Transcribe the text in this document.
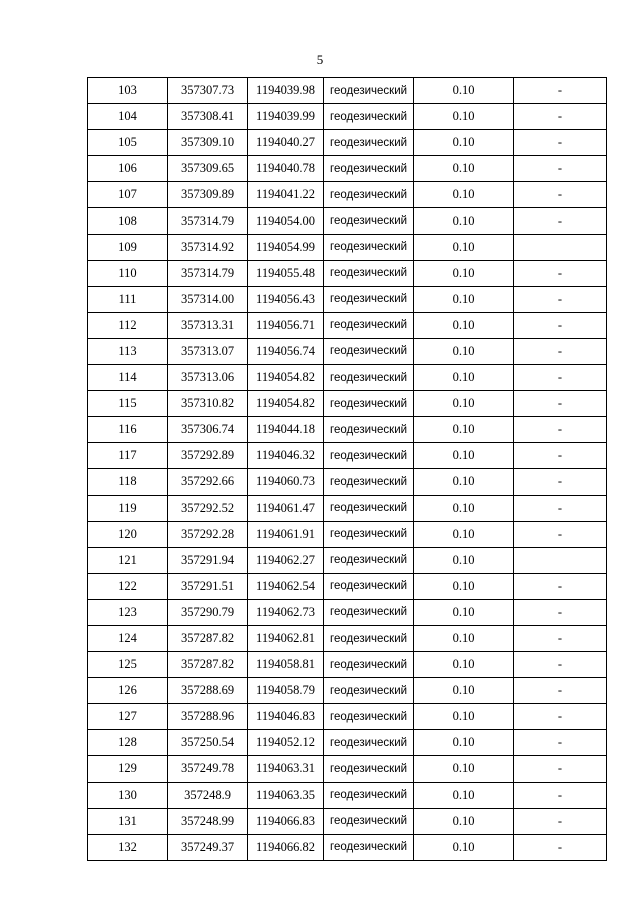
5
103	357307.73	1194039.98	геодезический	0.10	-
104	357308.41	1194039.99	геодезический	0.10	-
105	357309.10	1194040.27	геодезический	0.10	-
106	357309.65	1194040.78	геодезический	0.10	-
107	357309.89	1194041.22	геодезический	0.10	-
108	357314.79	1194054.00	геодезический	0.10	-
109	357314.92	1194054.99	геодезический	0.10	
110	357314.79	1194055.48	геодезический	0.10	-
111	357314.00	1194056.43	геодезический	0.10	-
112	357313.31	1194056.71	геодезический	0.10	-
113	357313.07	1194056.74	геодезический	0.10	-
114	357313.06	1194054.82	геодезический	0.10	-
115	357310.82	1194054.82	геодезический	0.10	-
116	357306.74	1194044.18	геодезический	0.10	-
117	357292.89	1194046.32	геодезический	0.10	-
118	357292.66	1194060.73	геодезический	0.10	-
119	357292.52	1194061.47	геодезический	0.10	-
120	357292.28	1194061.91	геодезический	0.10	-
121	357291.94	1194062.27	геодезический	0.10	
122	357291.51	1194062.54	геодезический	0.10	-
123	357290.79	1194062.73	геодезический	0.10	-
124	357287.82	1194062.81	геодезический	0.10	-
125	357287.82	1194058.81	геодезический	0.10	-
126	357288.69	1194058.79	геодезический	0.10	-
127	357288.96	1194046.83	геодезический	0.10	-
128	357250.54	1194052.12	геодезический	0.10	-
129	357249.78	1194063.31	геодезический	0.10	-
130	357248.9	1194063.35	геодезический	0.10	-
131	357248.99	1194066.83	геодезический	0.10	-
132	357249.37	1194066.82	геодезический	0.10	-
